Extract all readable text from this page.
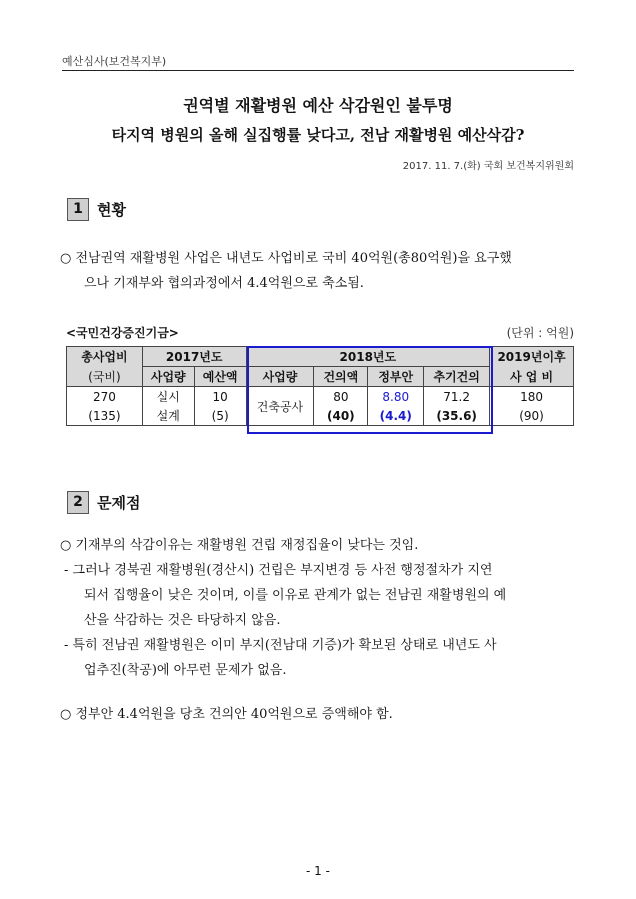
예산심사(보건복지부)
권역별 재활병원 예산 삭감원인 불투명
타지역 병원의 올해 실집행률 낮다고, 전남 재활병원 예산삭감?
2017. 11. 7.(화) 국회 보건복지위원회
1 현황
○ 전남권역 재활병원 사업은 내년도 사업비로 국비 40억원(총80억원)을 요구했
으나 기재부와 협의과정에서 4.4억원으로 축소됨.
<국민건강증진기금>	(단위 : 억원)
총사업비	2017년도		2018년도				2019년이후
(국비)	사업량	예산액	사업량	건의액	정부안	추기건의	사 업 비
270	실시	10	건축공사	80	8.80	71.2	180
(135)	설계	(5)		(40)	(4.4)	(35.6)	(90)
2 문제점
○ 기재부의 삭감이유는 재활병원 건립 재정집율이 낮다는 것임.
- 그러나 경북권 재활병원(경산시) 건립은 부지변경 등 사전 행정절차가 지연
되서 집행율이 낮은 것이며, 이를 이유로 관계가 없는 전남권 재활병원의 예
산을 삭감하는 것은 타당하지 않음.
- 특히 전남권 재활병원은 이미 부지(전남대 기증)가 확보된 상태로 내년도 사
업추진(착공)에 아무런 문제가 없음.
○ 정부안 4.4억원을 당초 건의안 40억원으로 증액해야 함.
- 1 -
